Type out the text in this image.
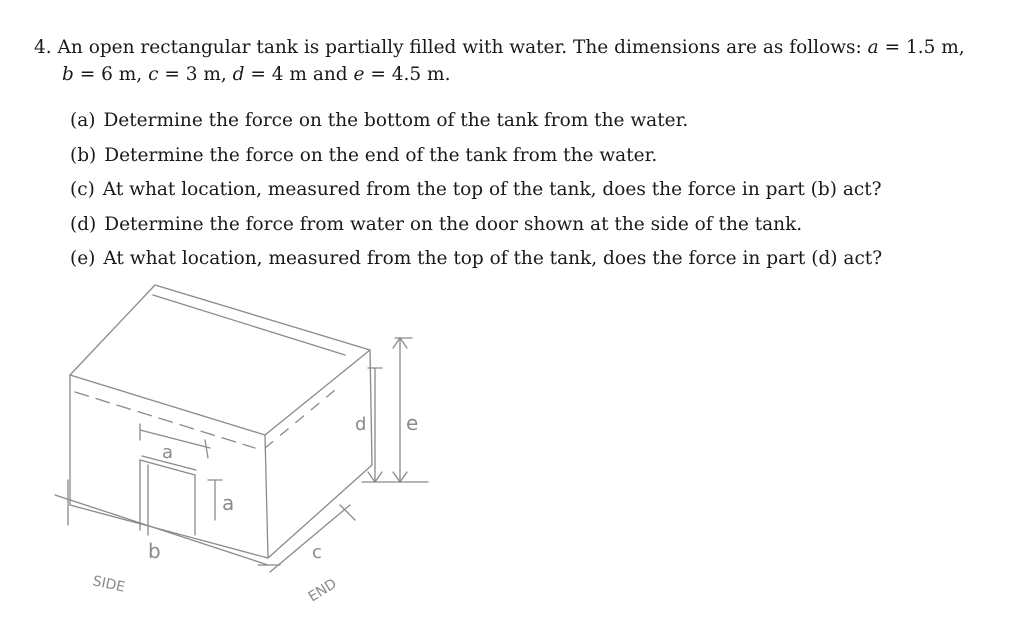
4. An open rectangular tank is partially filled with water. The dimensions are as follows: a = 1.5 m,
b = 6 m, c = 3 m, d = 4 m and e = 4.5 m.
(a) Determine the force on the bottom of the tank from the water.
(b) Determine the force on the end of the tank from the water.
(c) At what location, measured from the top of the tank, does the force in part (b) act?
(d) Determine the force from water on the door shown at the side of the tank.
(e) At what location, measured from the top of the tank, does the force in part (d) act?
a
a
b	c
d e
SIDE	END
